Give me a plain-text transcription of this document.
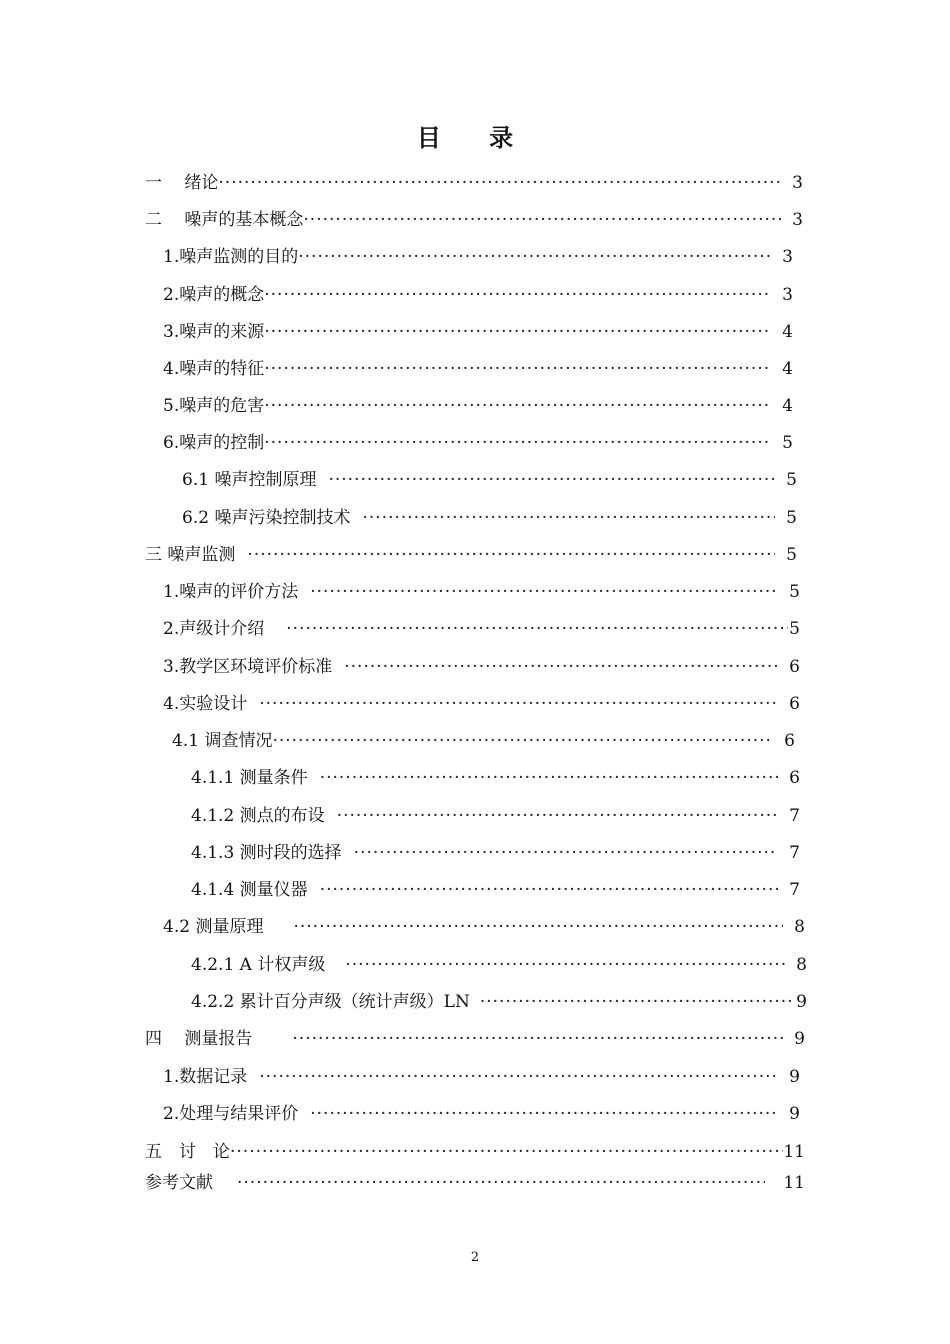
目 录
一　 绪论 ·····	3
二　 噪声的基本概念 ·····	3
1.噪声监测的目的 ·····	3
2.噪声的概念 ·····	3
3.噪声的来源 ·····	4
4.噪声的特征 ·····	4
5.噪声的危害 ·····	4
6.噪声的控制 ·····	5
6.1 噪声控制原理 ·····	5
6.2 噪声污染控制技术 ·····	5
三 噪声监测 ·····	5
1.噪声的评价方法 ·····	5
2.声级计介绍 ·····	5
3.教学区环境评价标准 ·····	6
4.实验设计 ·····	6
4.1 调查情况 ·····	6
4.1.1 测量条件 ·····	6
4.1.2 测点的布设 ·····	7
4.1.3 测时段的选择 ·····	7
4.1.4 测量仪器 ·····	7
4.2 测量原理 ·····	8
4.2.1 A 计权声级 ·····	8
4.2.2 累计百分声级（统计声级）LN ·····	9
四　 测量报告 ·····	9
1.数据记录 ·····	9
2.处理与结果评价 ·····	9
五　讨　论 ·····	11
参考文献 ·····	11
2
